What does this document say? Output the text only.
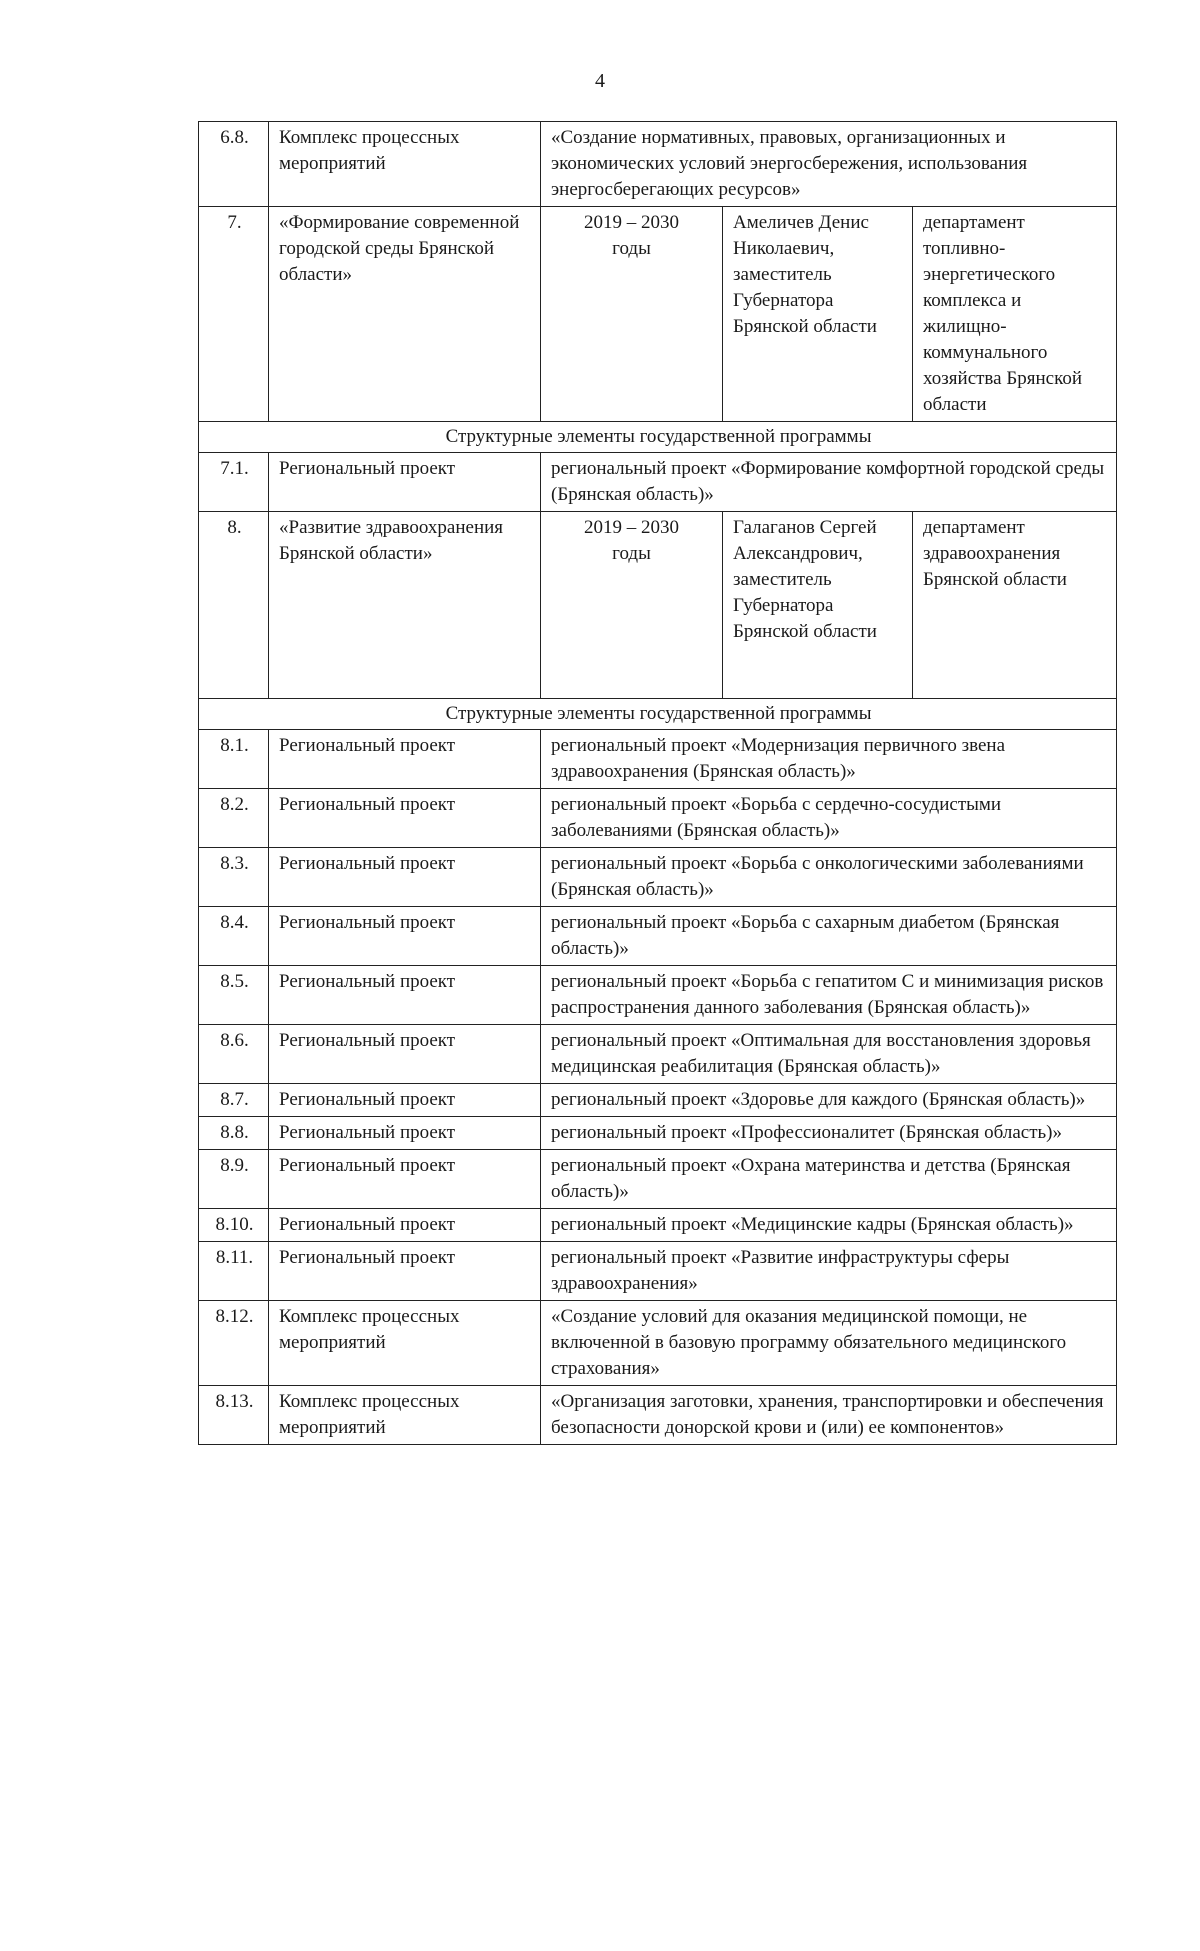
4
6.8.	Комплекс процессных мероприятий	«Создание нормативных, правовых, организационных и экономических условий энергосбережения, использования энергосберегающих ресурсов»		
7.	«Формирование современной городской среды Брянской области»	2019 – 2030 годы	Амеличев Денис Николаевич, заместитель Губернатора Брянской области	департамент топливно-энергетического комплекса и жилищно-коммунального хозяйства Брянской области
Структурные элементы государственной программы				
7.1.	Региональный проект	региональный проект «Формирование комфортной городской среды (Брянская область)»		
8.	«Развитие здравоохранения Брянской области»	2019 – 2030 годы	Галаганов Сергей Александрович, заместитель Губернатора Брянской области	департамент здравоохранения Брянской области
Структурные элементы государственной программы				
8.1.	Региональный проект	региональный проект «Модернизация первичного звена здравоохранения (Брянская область)»		
8.2.	Региональный проект	региональный проект «Борьба с сердечно-сосудистыми заболеваниями (Брянская область)»		
8.3.	Региональный проект	региональный проект «Борьба с онкологическими заболеваниями (Брянская область)»		
8.4.	Региональный проект	региональный проект «Борьба с сахарным диабетом (Брянская область)»		
8.5.	Региональный проект	региональный проект «Борьба с гепатитом С и минимизация рисков распространения данного заболевания (Брянская область)»		
8.6.	Региональный проект	региональный проект «Оптимальная для восстановления здоровья медицинская реабилитация (Брянская область)»		
8.7.	Региональный проект	региональный проект «Здоровье для каждого (Брянская область)»		
8.8.	Региональный проект	региональный проект «Профессионалитет (Брянская область)»		
8.9.	Региональный проект	региональный проект «Охрана материнства и детства (Брянская область)»		
8.10.	Региональный проект	региональный проект «Медицинские кадры (Брянская область)»		
8.11.	Региональный проект	региональный проект «Развитие инфраструктуры сферы здравоохранения»		
8.12.	Комплекс процессных мероприятий	«Создание условий для оказания медицинской помощи, не включенной в базовую программу обязательного медицинского страхования»		
8.13.	Комплекс процессных мероприятий	«Организация заготовки, хранения, транспортировки и обеспечения безопасности донорской крови и (или) ее компонентов»		
